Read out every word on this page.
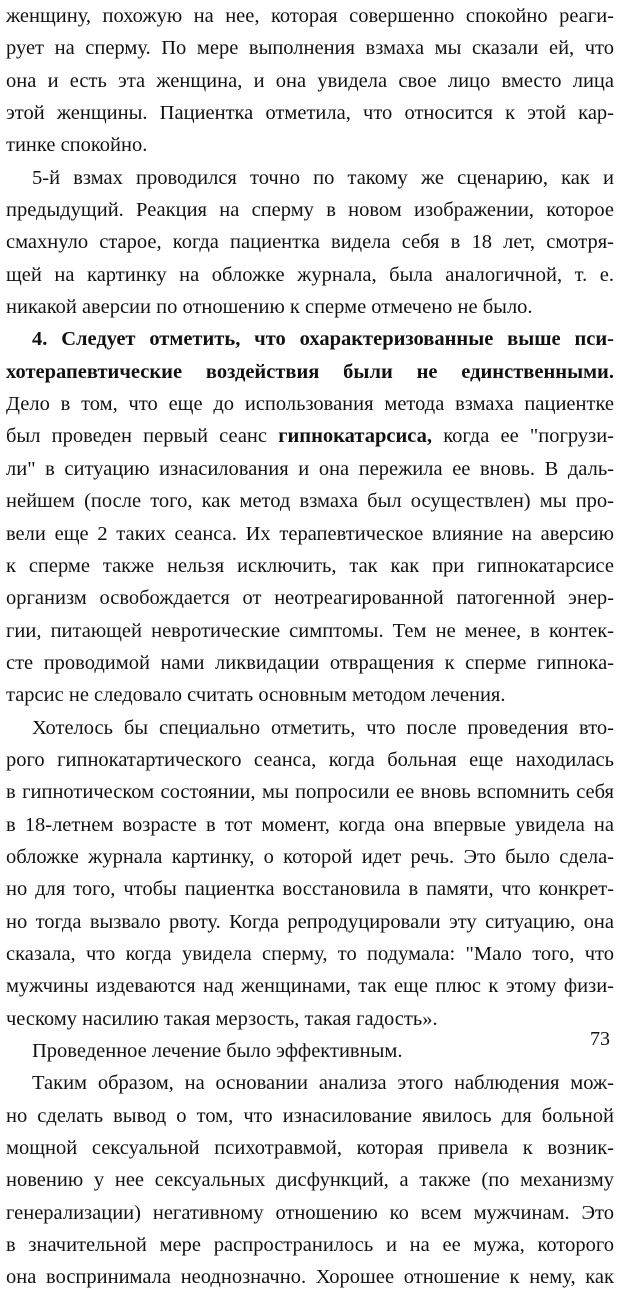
женщину, похожую на нее, которая совершенно спокойно реаги-
рует на сперму. По мере выполнения взмаха мы сказали ей, что
она и есть эта женщина, и она увидела свое лицо вместо лица
этой женщины. Пациентка отметила, что относится к этой кар-
тинке спокойно.
5-й взмах проводился точно по такому же сценарию, как и
предыдущий. Реакция на сперму в новом изображении, которое
смахнуло старое, когда пациентка видела себя в 18 лет, смотря-
щей на картинку на обложке журнала, была аналогичной, т. е.
никакой аверсии по отношению к сперме отмечено не было.
4. Следует отметить, что охарактеризованные выше пси-
хотерапевтические воздействия были не единственными.
Дело в том, что еще до использования метода взмаха пациентке
был проведен первый сеанс гипнокатарсиса, когда ее "погрузи-
ли" в ситуацию изнасилования и она пережила ее вновь. В даль-
нейшем (после того, как метод взмаха был осуществлен) мы про-
вели еще 2 таких сеанса. Их терапевтическое влияние на аверсию
к сперме также нельзя исключить, так как при гипнокатарсисе
организм освобождается от неотреагированной патогенной энер-
гии, питающей невротические симптомы. Тем не менее, в контек-
сте проводимой нами ликвидации отвращения к сперме гипнока-
тарсис не следовало считать основным методом лечения.
Хотелось бы специально отметить, что после проведения вто-
рого гипнокатартического сеанса, когда больная еще находилась
в гипнотическом состоянии, мы попросили ее вновь вспомнить себя
в 18-летнем возрасте в тот момент, когда она впервые увидела на
обложке журнала картинку, о которой идет речь. Это было сделa-
но для того, чтобы пациентка восстановила в памяти, что конкрет-
но тогда вызвало рвоту. Когда репродуцировали эту ситуацию, она
сказала, что когда увидела сперму, то подумала: "Мало того, что
мужчины издеваются над женщинами, так еще плюс к этому физи-
ческому насилию такая мерзость, такая гадость».
Проведенное лечение было эффективным.
Таким образом, на основании анализа этого наблюдения мож-
но сделать вывод о том, что изнасилование явилось для больной
мощной сексуальной психотравмой, которая привела к возник-
новению у нее сексуальных дисфункций, а также (по механизму
генерализации) негативному отношению ко всем мужчинам. Это
в значительной мере распространилось и на ее мужа, которого
она воспринимала неоднозначно. Хорошее отношение к нему, как
73
